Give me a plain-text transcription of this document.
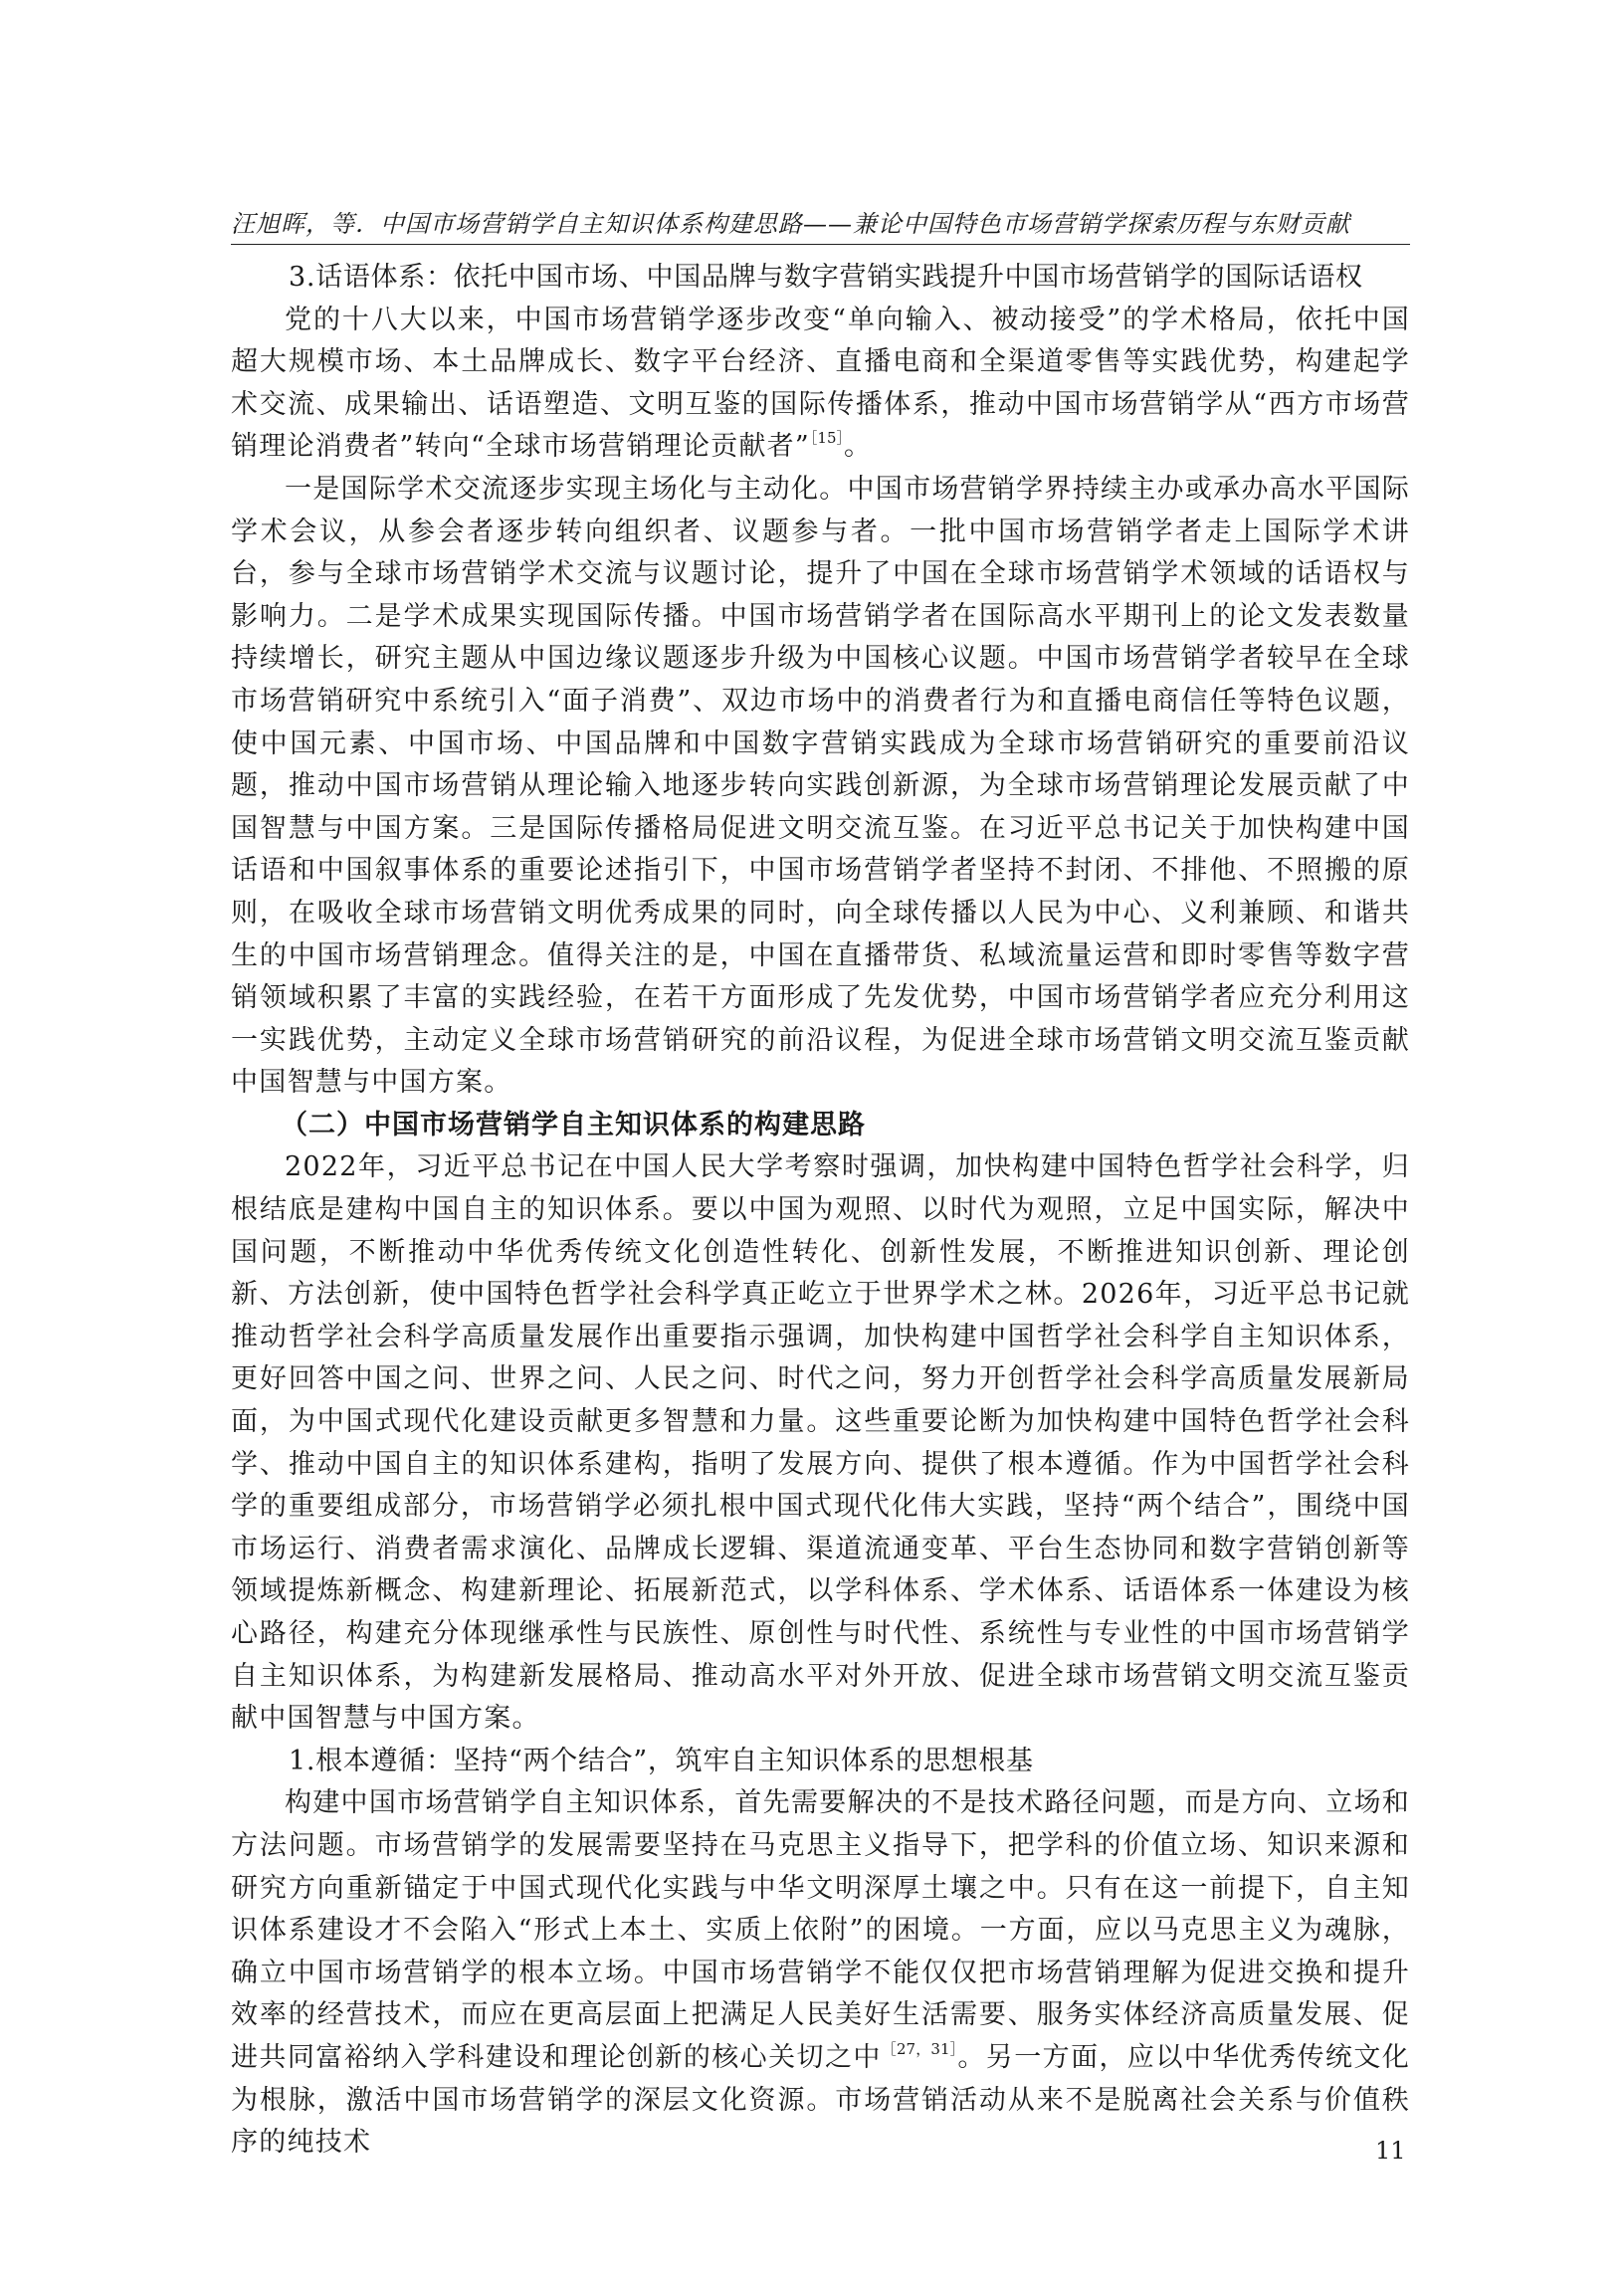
汪旭晖，等．中国市场营销学自主知识体系构建思路——兼论中国特色市场营销学探索历程与东财贡献
3.话语体系：依托中国市场、中国品牌与数字营销实践提升中国市场营销学的国际话语权

党的十八大以来，中国市场营销学逐步改变“单向输入、被动接受”的学术格局，依托中国超大规模市场、本土品牌成长、数字平台经济、直播电商和全渠道零售等实践优势，构建起学术交流、成果输出、话语塑造、文明互鉴的国际传播体系，推动中国市场营销学从“西方市场营销理论消费者”转向“全球市场营销理论贡献者”$^{[15]}$。

一是国际学术交流逐步实现主场化与主动化。中国市场营销学界持续主办或承办高水平国际学术会议，从参会者逐步转向组织者、议题参与者。一批中国市场营销学者走上国际学术讲台，参与全球市场营销学术交流与议题讨论，提升了中国在全球市场营销学术领域的话语权与影响力。二是学术成果实现国际传播。中国市场营销学者在国际高水平期刊上的论文发表数量持续增长，研究主题从中国边缘议题逐步升级为中国核心议题。中国市场营销学者较早在全球市场营销研究中系统引入“面子消费”、双边市场中的消费者行为和直播电商信任等特色议题，使中国元素、中国市场、中国品牌和中国数字营销实践成为全球市场营销研究的重要前沿议题，推动中国市场营销从理论输入地逐步转向实践创新源，为全球市场营销理论发展贡献了中国智慧与中国方案。三是国际传播格局促进文明交流互鉴。在习近平总书记关于加快构建中国话语和中国叙事体系的重要论述指引下，中国市场营销学者坚持不封闭、不排他、不照搬的原则，在吸收全球市场营销文明优秀成果的同时，向全球传播以人民为中心、义利兼顾、和谐共生的中国市场营销理念。值得关注的是，中国在直播带货、私域流量运营和即时零售等数字营销领域积累了丰富的实践经验，在若干方面形成了先发优势，中国市场营销学者应充分利用这一实践优势，主动定义全球市场营销研究的前沿议程，为促进全球市场营销文明交流互鉴贡献中国智慧与中国方案。

（二）中国市场营销学自主知识体系的构建思路

2022年，习近平总书记在中国人民大学考察时强调，加快构建中国特色哲学社会科学，归根结底是建构中国自主的知识体系。要以中国为观照、以时代为观照，立足中国实际，解决中国问题，不断推动中华优秀传统文化创造性转化、创新性发展，不断推进知识创新、理论创新、方法创新，使中国特色哲学社会科学真正屹立于世界学术之林。2026年，习近平总书记就推动哲学社会科学高质量发展作出重要指示强调，加快构建中国哲学社会科学自主知识体系，更好回答中国之问、世界之问、人民之问、时代之问，努力开创哲学社会科学高质量发展新局面，为中国式现代化建设贡献更多智慧和力量。这些重要论断为加快构建中国特色哲学社会科学、推动中国自主的知识体系建构，指明了发展方向、提供了根本遵循。作为中国哲学社会科学的重要组成部分，市场营销学必须扎根中国式现代化伟大实践，坚持“两个结合”，围绕中国市场运行、消费者需求演化、品牌成长逻辑、渠道流通变革、平台生态协同和数字营销创新等领域提炼新概念、构建新理论、拓展新范式，以学科体系、学术体系、话语体系一体建设为核心路径，构建充分体现继承性与民族性、原创性与时代性、系统性与专业性的中国市场营销学自主知识体系，为构建新发展格局、推动高水平对外开放、促进全球市场营销文明交流互鉴贡献中国智慧与中国方案。

1.根本遵循：坚持“两个结合”，筑牢自主知识体系的思想根基

构建中国市场营销学自主知识体系，首先需要解决的不是技术路径问题，而是方向、立场和方法问题。市场营销学的发展需要坚持在马克思主义指导下，把学科的价值立场、知识来源和研究方向重新锚定于中国式现代化实践与中华文明深厚土壤之中。只有在这一前提下，自主知识体系建设才不会陷入“形式上本土、实质上依附”的困境。一方面，应以马克思主义为魂脉，确立中国市场营销学的根本立场。中国市场营销学不能仅仅把市场营销理解为促进交换和提升效率的经营技术，而应在更高层面上把满足人民美好生活需要、服务实体经济高质量发展、促进共同富裕纳入学科建设和理论创新的核心关切之中$^{[27,31]}$。另一方面，应以中华优秀传统文化为根脉，激活中国市场营销学的深层文化资源。市场营销活动从来不是脱离社会关系与价值秩序的纯技术	11
